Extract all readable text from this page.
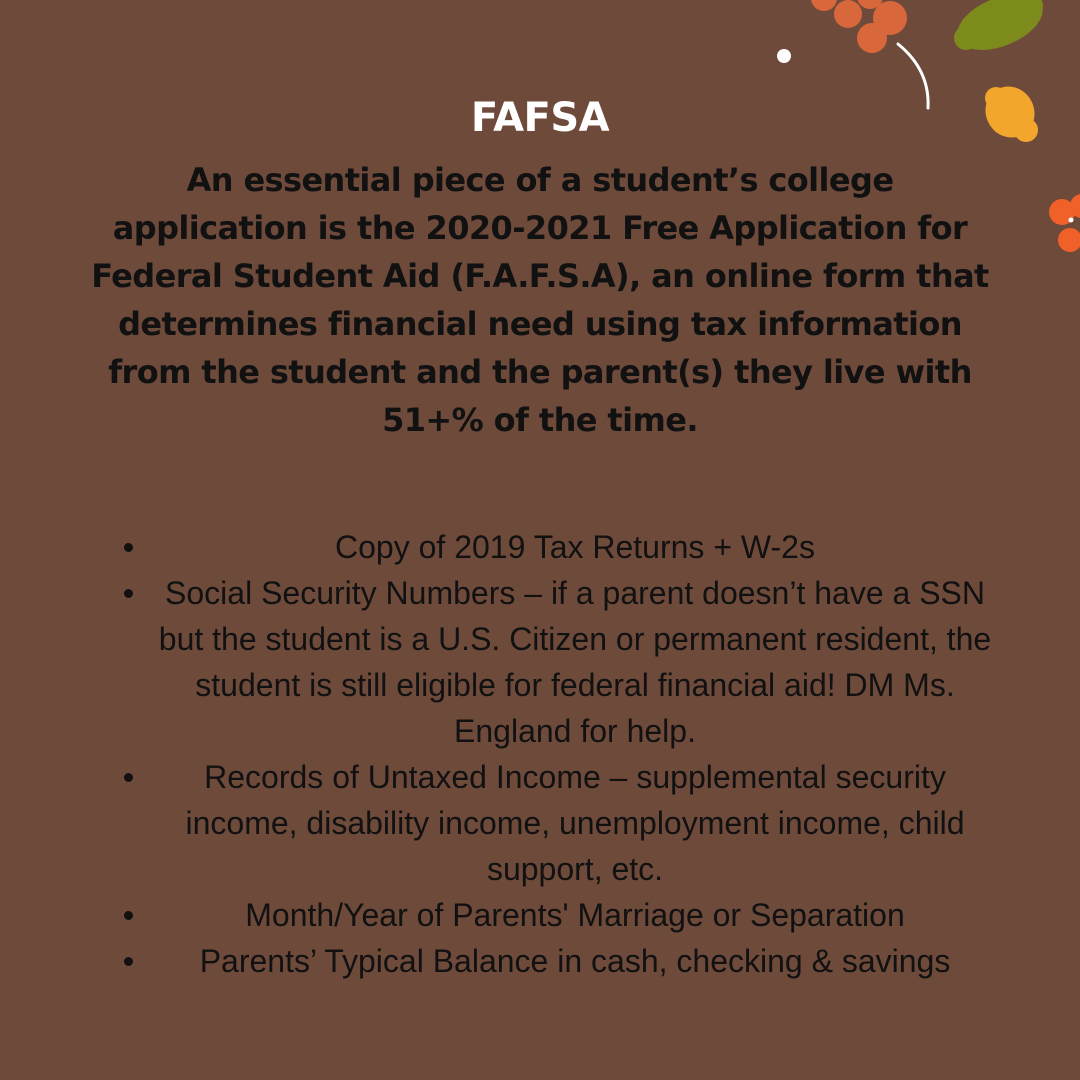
FAFSA

An essential piece of a student’s college application is the 2020-2021 Free Application for Federal Student Aid (F.A.F.S.A), an online form that determines financial need using tax information from the student and the parent(s) they live with 51+% of the time.

Copy of 2019 Tax Returns + W-2s
Social Security Numbers – if a parent doesn’t have a SSN but the student is a U.S. Citizen or permanent resident, the student is still eligible for federal financial aid! DM Ms. England for help.
Records of Untaxed Income – supplemental security income, disability income, unemployment income, child support, etc.
Month/Year of Parents' Marriage or Separation
Parents’ Typical Balance in cash, checking & savings
